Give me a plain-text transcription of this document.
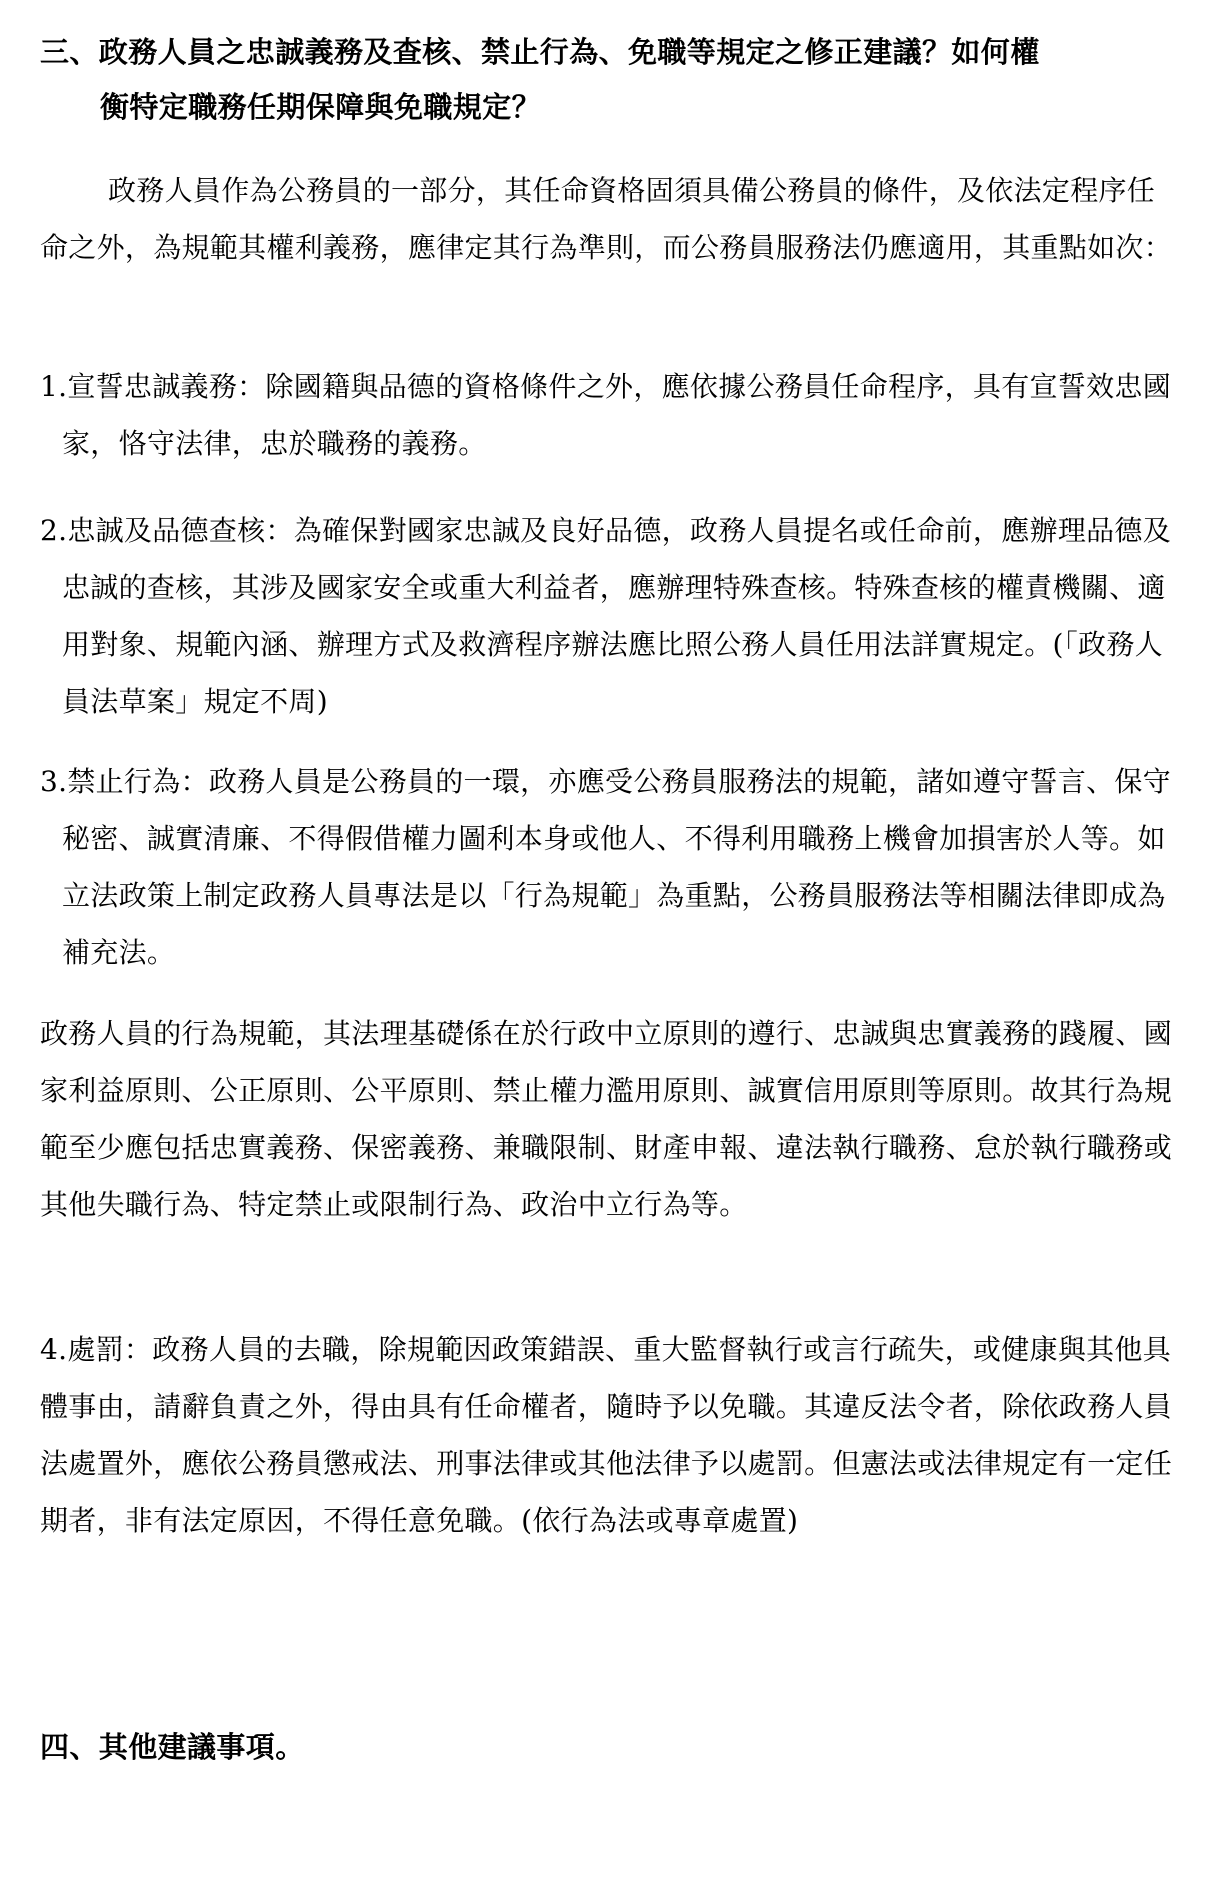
三、政務人員之忠誠義務及查核、禁止行為、免職等規定之修正建議？如何權
衡特定職務任期保障與免職規定？

政務人員作為公務員的一部分，其任命資格固須具備公務員的條件，及依法定程序任命之外，為規範其權利義務，應律定其行為準則，而公務員服務法仍應適用，其重點如次：

1.宣誓忠誠義務：除國籍與品德的資格條件之外，應依據公務員任命程序，具有宣誓效忠國家，恪守法律，忠於職務的義務。

2.忠誠及品德查核：為確保對國家忠誠及良好品德，政務人員提名或任命前，應辦理品德及忠誠的查核，其涉及國家安全或重大利益者，應辦理特殊查核。特殊查核的權責機關、適用對象、規範內涵、辦理方式及救濟程序辦法應比照公務人員任用法詳實規定。(「政務人員法草案」規定不周)

3.禁止行為：政務人員是公務員的一環，亦應受公務員服務法的規範，諸如遵守誓言、保守秘密、誠實清廉、不得假借權力圖利本身或他人、不得利用職務上機會加損害於人等。如立法政策上制定政務人員專法是以「行為規範」為重點，公務員服務法等相關法律即成為補充法。

政務人員的行為規範，其法理基礎係在於行政中立原則的遵行、忠誠與忠實義務的踐履、國家利益原則、公正原則、公平原則、禁止權力濫用原則、誠實信用原則等原則。故其行為規範至少應包括忠實義務、保密義務、兼職限制、財產申報、違法執行職務、怠於執行職務或其他失職行為、特定禁止或限制行為、政治中立行為等。

4.處罰：政務人員的去職，除規範因政策錯誤、重大監督執行或言行疏失，或健康與其他具體事由，請辭負責之外，得由具有任命權者，隨時予以免職。其違反法令者，除依政務人員法處置外，應依公務員懲戒法、刑事法律或其他法律予以處罰。但憲法或法律規定有一定任期者，非有法定原因，不得任意免職。(依行為法或專章處置)

四、其他建議事項。
